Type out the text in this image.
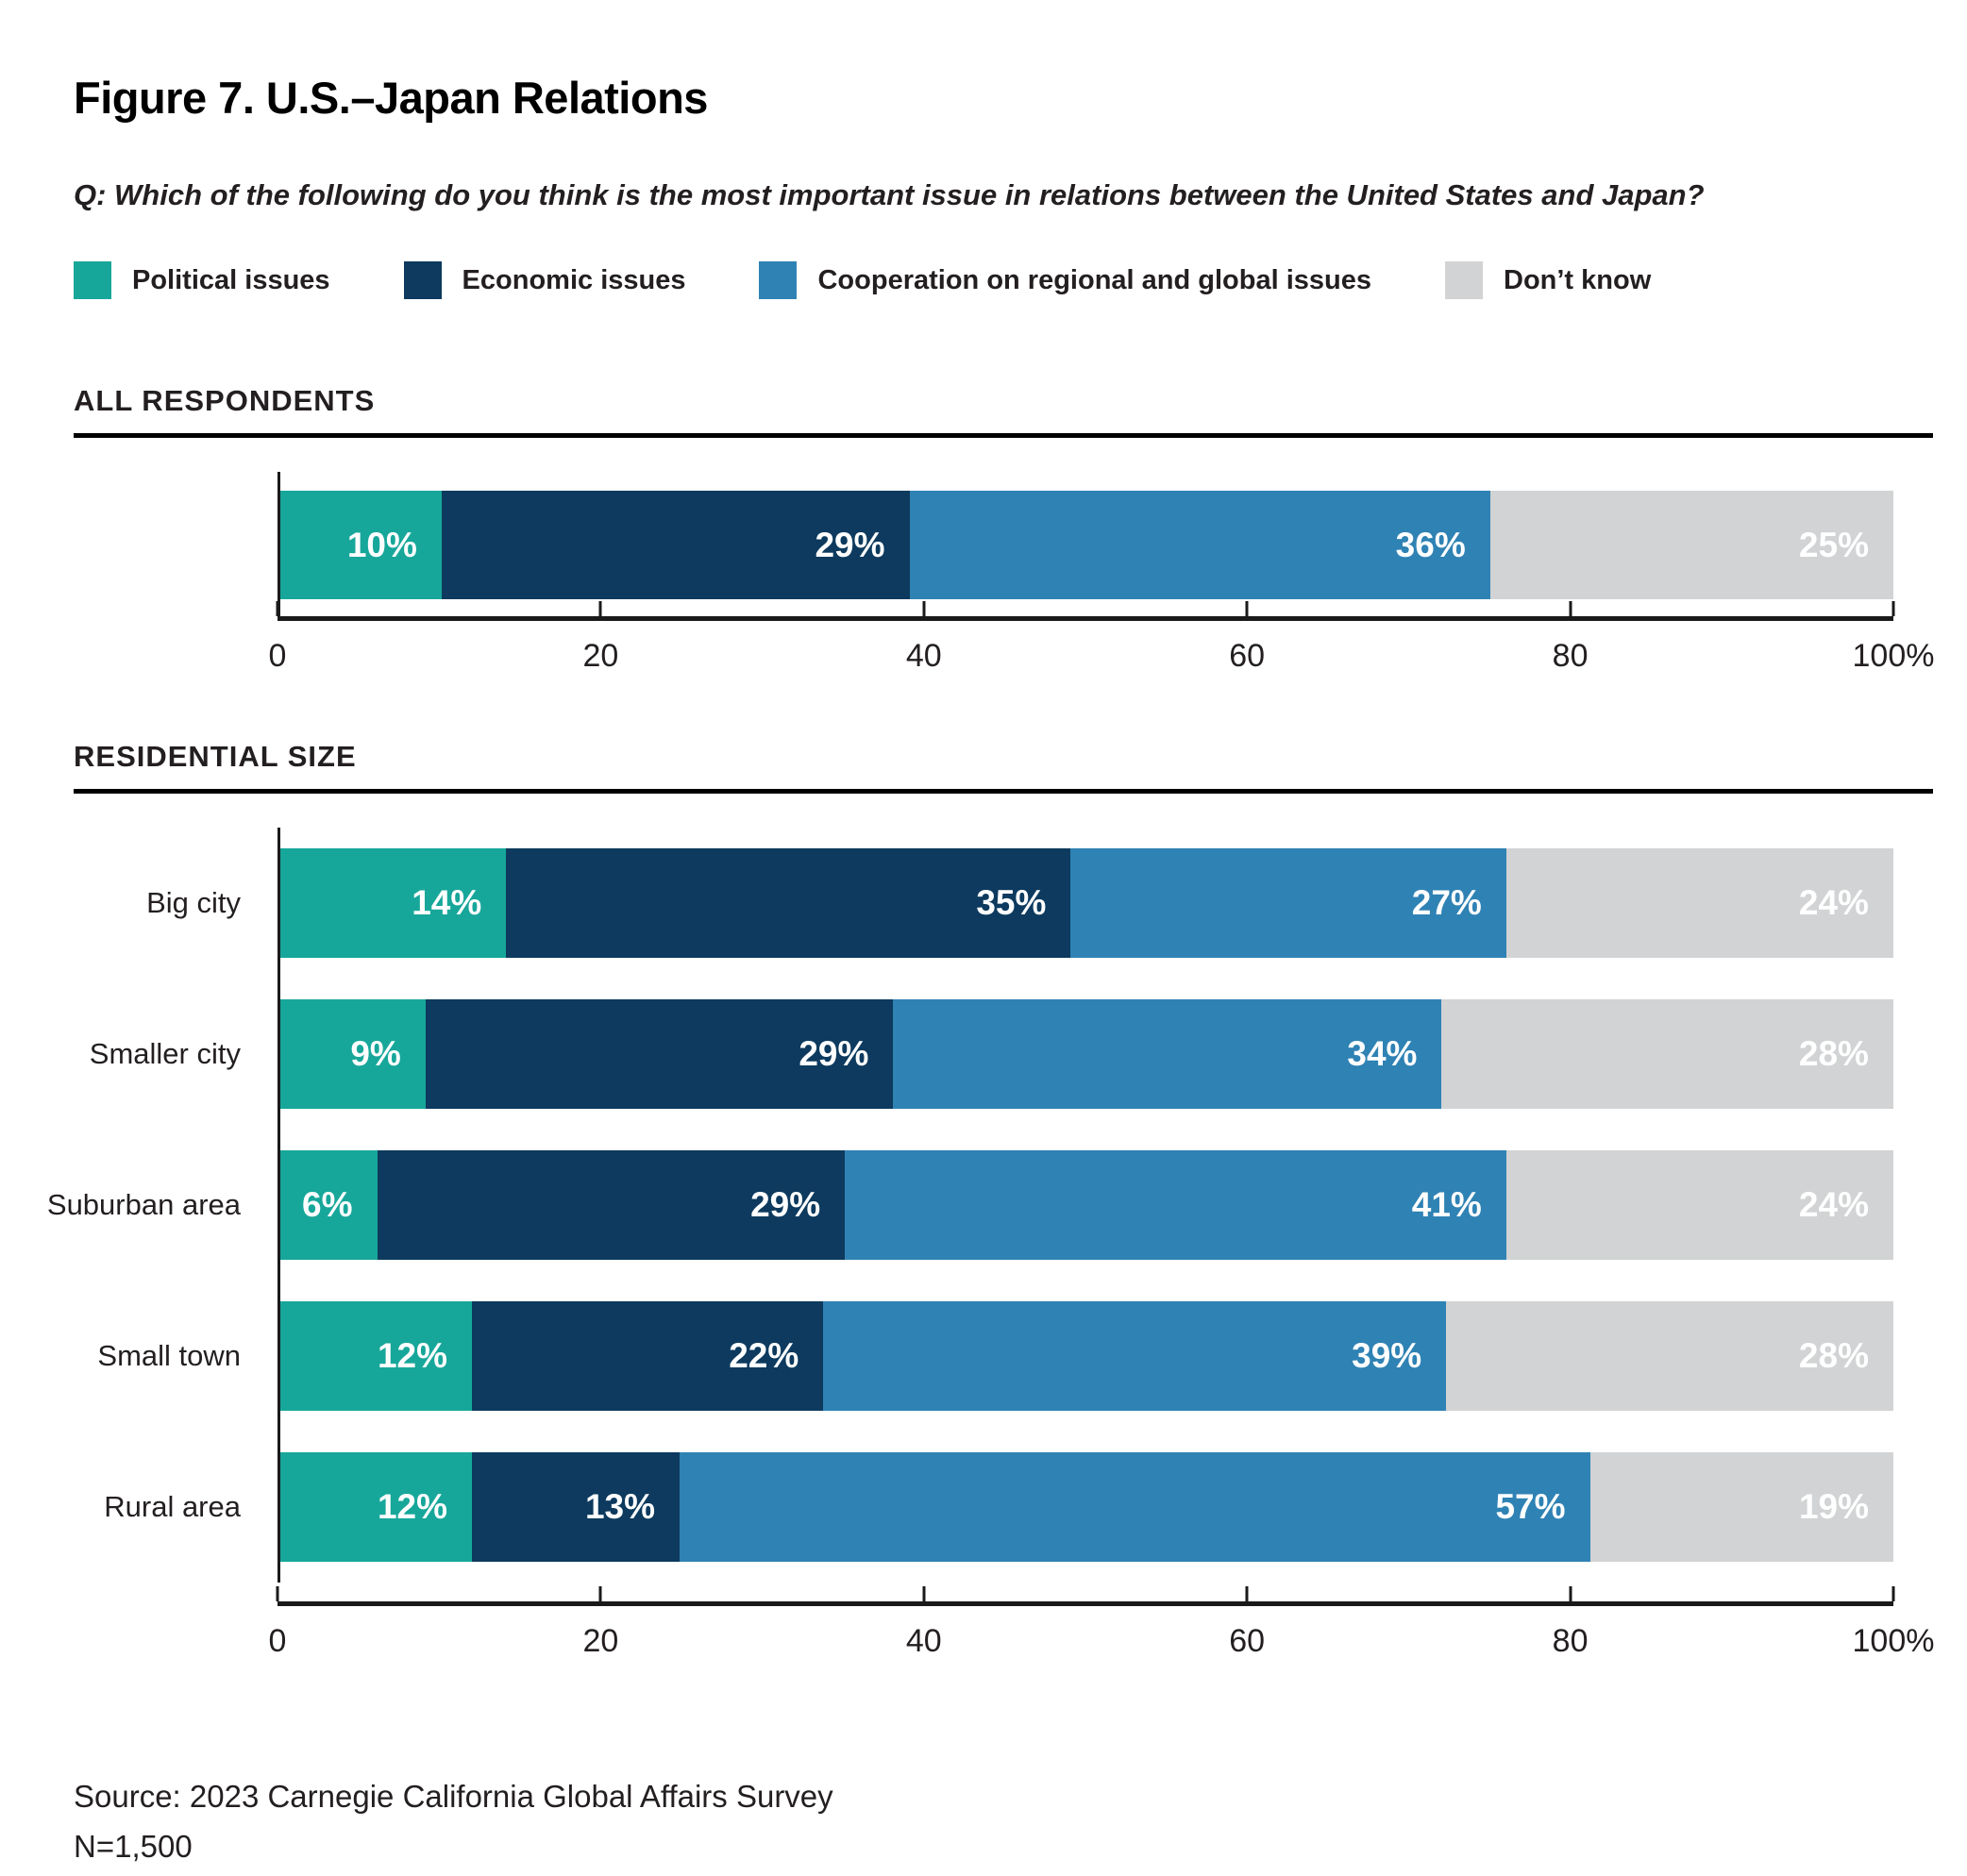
Figure 7. U.S.–Japan Relations

Q: Which of the following do you think is the most important issue in relations between the United States and Japan?

Political issues	Economic issues	Cooperation on regional and global issues	Don’t know
ALL RESPONDENTS
10%	29%	36%	25%
0	20	40	60	80	100%
RESIDENTIAL SIZE
Big city	14%	35%	27%	24%
Smaller city	9%	29%	34%	28%
Suburban area 6%	29%	41%	24%
Small town	12%	22%	39%	28%
Rural area	12%	13%	57%	19%
0	20	40	60	80	100%

Source: 2023 Carnegie California Global Affairs Survey

N=1,500
